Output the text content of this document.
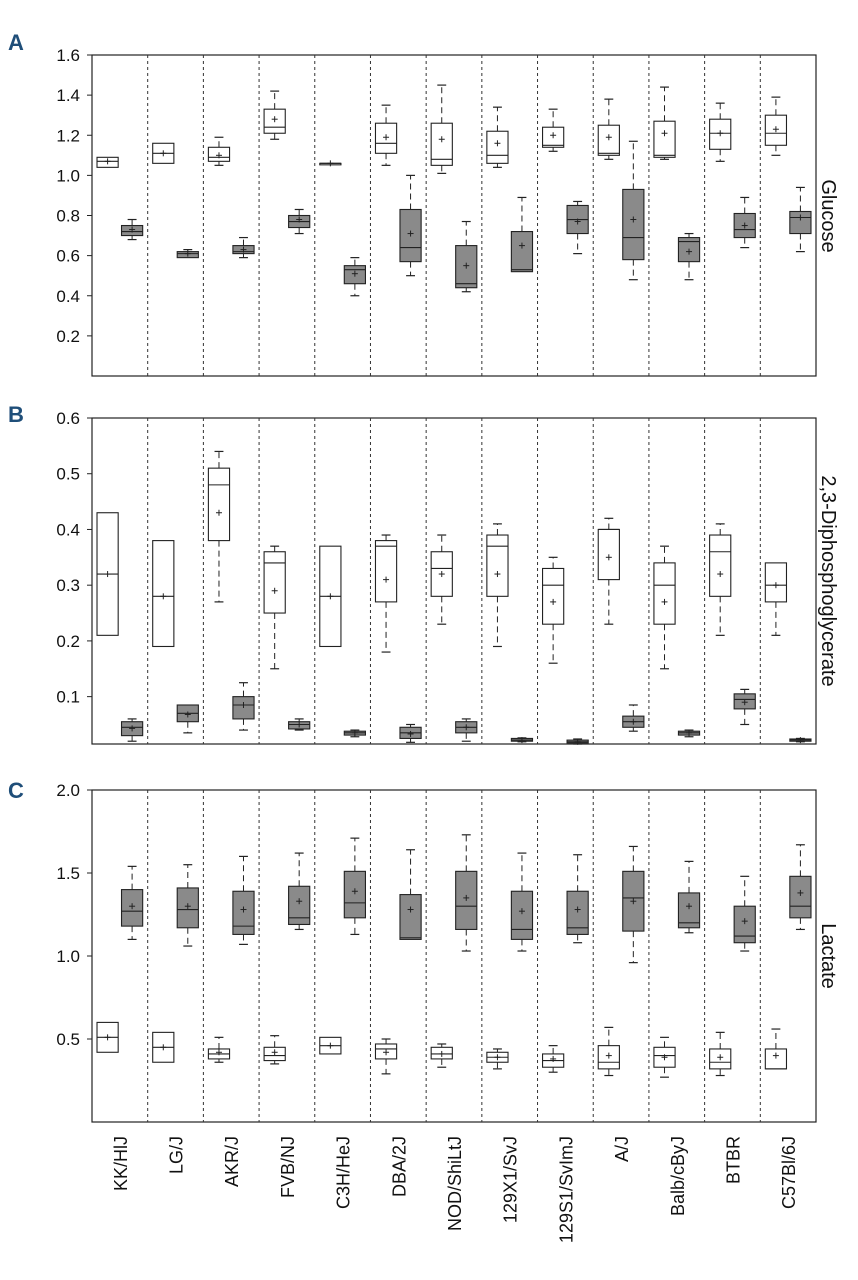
A
0.2
0.4
0.6
0.8
1.0
1.2
1.4
1.6
Glucose
B
0.1
0.2
0.3
0.4
0.5
0.6
2,3-Diphosphoglycerate
C
0.5
1.0
1.5
2.0
Lactate
KK/HlJ LG/J AKR/J FVB/NJ C3H/HeJ DBA/2J NOD/ShiLtJ 129X1/SvJ 129S1/SvImJ A/J Balb/cByJ BTBR C57Bl/6J
